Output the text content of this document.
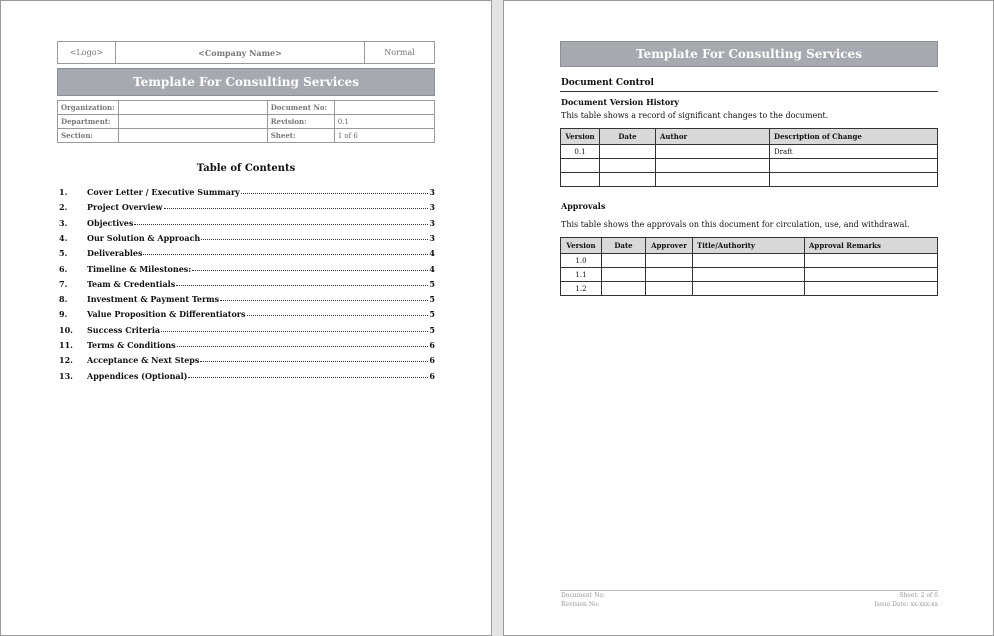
<Logo>	<Company Name>	Normal
Template For Consulting Services
Organization:		Document No:	
Department:		Revision:	0.1
Section:		Sheet:	1 of 6
Table of Contents
1.	Cover Letter / Executive Summary	3
2.	Project Overview	3
3.	Objectives	3
4.	Our Solution & Approach	3
5.	Deliverables	4
6.	Timeline & Milestones:	4
7.	Team & Credentials	5
8.	Investment & Payment Terms	5
9.	Value Proposition & Differentiators	5
10.	Success Criteria	5
11.	Terms & Conditions	6
12.	Acceptance & Next Steps	6
13.	Appendices (Optional)	6
Template For Consulting Services
Document Control
Document Version History
This table shows a record of significant changes to the document.
Version	Date	Author	Description of Change
0.1			Draft

Approvals
This table shows the approvals on this document for circulation, use, and withdrawal.
Version	Date	Approver	Title/Authority	Approval Remarks
1.0				
1.1				
1.2				
Document No:
Revision No:
Sheet: 2 of 6
Issue Date: xx-xxx-xx
